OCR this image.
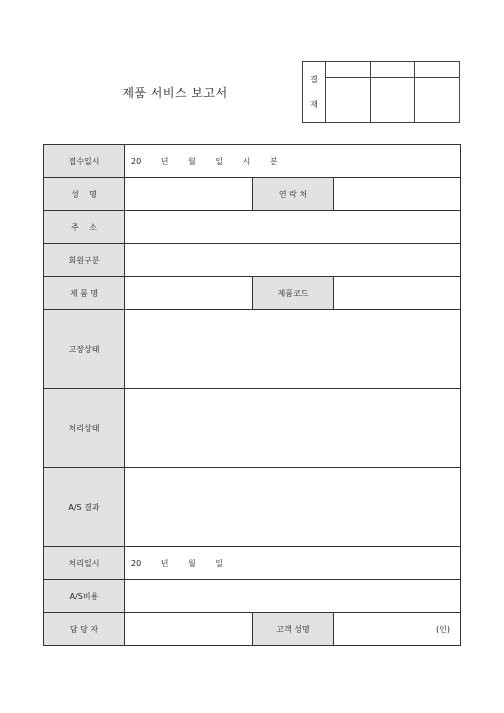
제품 서비스 보고서
결
재			

접수일시	20 년 월 일 시 분		
성    명		연 락 처	
주    소			
회원구분			
제 품 명		제품코드	
고장상태			
처리상태			
A/S 결과			
처리일시	20 년 월 일		
A/S비용			
담 당 자		고객 성명	(인)
